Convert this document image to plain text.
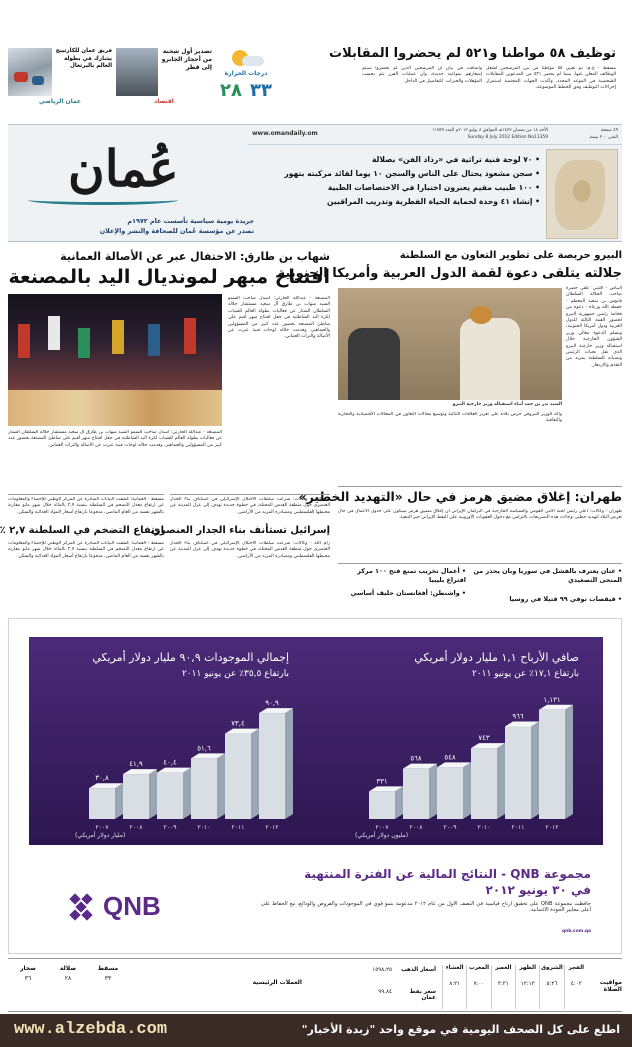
توظيف ٥٨ مواطنا و٥٢١ لم يحضروا المقابلات
مسقط - ع.م: تم تعيين ٥٨ مواطنا من بين المرشحين لشغل الوظائف المعلن عنها، بينما لم يحضر ٥٢١ من المدعوين للمقابلات الشخصية في الموعد المحدد، وأكدت الجهات المختصة استمرار إجراءات التوظيف وفق الخطط الموضوعة.
وأضافت في بيان أن المرشحين الذين لم يحضروا سيتم إشعارهم بمواعيد جديدة، وأن عمليات الفرز تتم بحسب المؤهلات والخبرات. للتفاصيل في الداخل
درجات الحرارة
٣٣
٢٨
تصدير أول شحنة من أحجار الجابرو إلى قطر
اقتصاد
فريق عمان للكارتينج يشارك في بطولة العالم بالبرتغال
عمان الرياضي
www.omandaily.om	الأحد ١٨ من شعبان ١٤٣٣هـ الموافق ٨ يوليو ٢٠١٢م العدد ١١٣٥٩
Sunday 8 July 2012 Edition No11359
٤٩ صفحة
الثمن ٢٠٠ بيسة
عُمان
جريدة يومية سياسية تأسست عام ١٩٧٢م
تصدر عن مؤسسة عُمان للصحافة والنشر والإعلان
• ٧٠ لوحة فنية تراثية في «رذاذ الفن» بصلالة
• سجن مشعوذ يحتال على الناس والسجن ١٠ يوما لقائد مركبته بتهور
• ١٠٠ طبيب مقيم يعبرون اختبارا في الاختصاصات الطبية
• إنشاء ٤١ وحدة لحماية الحياة الفطرية وتدريب المراقبين
شهاب بن طارق: الاحتفال عبر عن الأصالة العمانية
افتتاح مبهر لمونديال اليد بالمصنعة
المصنعة - عبدالله الحارثي: أسدل صاحب السمو السيد شهاب بن طارق آل سعيد مستشار جلالة السلطان الستار عن فعاليات بطولة العالم للشباب لكرة اليد الشاطئية في حفل افتتاح مبهر أقيم على شاطئ المصنعة بحضور عدد كبير من المسؤولين والجماهير، وقدمت خلاله لوحات فنية عبرت عن الأصالة والتراث العماني.
المصنعة - عبدالله الحارثي: أسدل صاحب السمو السيد شهاب بن طارق آل سعيد مستشار جلالة السلطان الستار عن فعاليات بطولة العالم للشباب لكرة اليد الشاطئية في حفل افتتاح مبهر أقيم على شاطئ المصنعة بحضور عدد كبير من المسؤولين والجماهير، وقدمت خلاله لوحات فنية عبرت عن الأصالة والتراث العماني.
البيرو حريصة على تطوير التعاون مع السلطنة
جلالته يتلقى دعوة لقمة الدول العربية وأمريكا الجنوبية
البياض - الليثي: تلقى حضرة صاحب الجلالة السلطان قابوس بن سعيد المعظم - حفظه الله ورعاه - دعوة من فخامة رئيس جمهورية البيرو لحضور القمة الثالثة للدول العربية ودول أمريكا الجنوبية، وتسلم الدعوة معالي وزير الشؤون الخارجية خلال استقباله وزير خارجية البيرو الذي نقل تحيات الرئيس وتمنياته للسلطنة بمزيد من التقدم والازدهار.
السيد بدر بن حمد أثناء استقباله وزير خارجية البيرو
وأكد الوزير البيروفي حرص بلاده على تعزيز العلاقات الثنائية وتوسيع مجالات التعاون في المجالات الاقتصادية والتجارية والثقافية.
طهران: إغلاق مضيق هرمز في حال «التهديد الخطير»
طهران - وكالات: أعلن رئيس لجنة الأمن القومي والسياسة الخارجية في البرلمان الإيراني أن إغلاق مضيق هرمز سيكون على جدول الأعمال في حال تعرض البلاد لتهديد خطير، وجاءت هذه التصريحات بالتزامن مع دخول العقوبات الأوروبية على النفط الإيراني حيز التنفيذ.
• عنان يعترف بالفشل في سوريا وبان يحذر من المنحى التصعيدي
• قيقصات توفي ٩٩ قتيلا في روسيا
• أعمال تخريب تمنع فتح ١٠٠ مركز اقتراع بليبيا
• واشنطن: أفغانستان حليف أساسي
إسرائيل تستأنف بناء الجدار العنصري
رام الله - وكالات: شرعت سلطات الاحتلال الإسرائيلي في استئناف بناء الجدار العنصري حول منطقة القدس المحتلة، في خطوة جديدة تهدف إلى عزل المدينة عن محيطها الفلسطيني ومصادرة المزيد من الأراضي.
رام الله - وكالات: شرعت سلطات الاحتلال الإسرائيلي في استئناف بناء الجدار العنصري حول منطقة القدس المحتلة، في خطوة جديدة تهدف إلى عزل المدينة عن محيطها الفلسطيني ومصادرة المزيد من الأراضي.
ارتفاع التضخم في السلطنة ٢,٧ ٪
مسقط - العمانية: كشفت البيانات الصادرة عن المركز الوطني للإحصاء والمعلومات عن ارتفاع معدل التضخم في السلطنة بنسبة ٢,٧ بالمائة خلال شهر مايو مقارنة بالشهر نفسه من العام الماضي، مدفوعا بارتفاع أسعار المواد الغذائية والسكن.
مسقط - العمانية: كشفت البيانات الصادرة عن المركز الوطني للإحصاء والمعلومات عن ارتفاع معدل التضخم في السلطنة بنسبة ٢,٧ بالمائة خلال شهر مايو مقارنة بالشهر نفسه من العام الماضي، مدفوعا بارتفاع أسعار المواد الغذائية والسكن.
إجمالي الموجودات ٩٠,٩ مليار دولار أمريكي
بارتفاع ٣٥,٥٪ عن يونيو ٢٠١١
٣٠,٨
٢٠٠٧
٤١,٩
٢٠٠٨
٤٠,٤
٢٠٠٩
٥١,٦
٢٠١٠
٧٣,٤
٢٠١١
٩٠,٩
٢٠١٢
(مليار دولار أمريكي)
صافي الأرباح ١,١ مليار دولار أمريكي
بارتفاع ١٧,١٪ عن يونيو ٢٠١١
٣٣١
٢٠٠٧
٥٦٨
٢٠٠٨
٥٤٨
٢٠٠٩
٧٤٣
٢٠١٠
٩٦٦
٢٠١١
١,١٣١
٢٠١٢
(مليون دولار أمريكي)
QNB
مجموعة QNB - النتائج المالية عن الفترة المنتهية
في ٣٠ يونيو ٢٠١٢
حافظت مجموعة QNB على تحقيق أرباح قياسية في النصف الأول من عام ٢٠١٢ مدعومة بنمو قوي في الموجودات والقروض والودائع، مع الحفاظ على أعلى معايير الجودة الائتمانية.
qnb.com.qa
مواقيت الصلاة
الفجر
٤:٠٢
الشروق
٥:٢٦
الظهر
١٢:١٣
العصر
٣:٣١
المغرب
٧:٠٠
العشاء
٨:٢١
أسعار الذهب
١٥٩٨,٢٥
سعر نفط عمان
٩٩,٨٤
العملات الرئيسية
مسقط
٣٣
صلالة
٢٨
صحار
٣٦
www.alzebda.com	اطلع على كل الصحف اليومية في موقع واحد "زبدة الأخبار"
